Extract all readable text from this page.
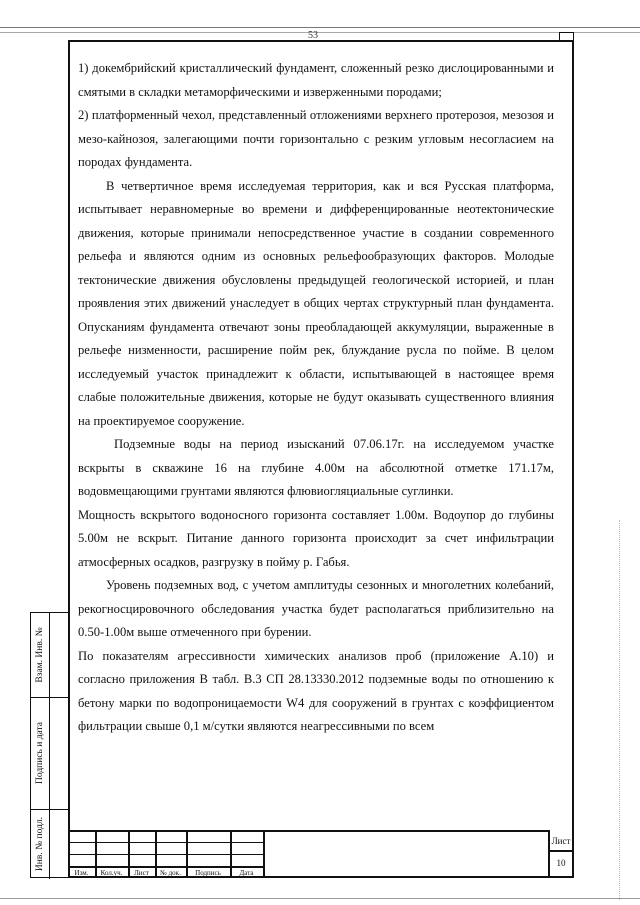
53

1) докембрийский кристаллический фундамент, сложенный резко дислоцированными и смятыми в складки метаморфическими и изверженными породами;

2) платформенный чехол, представленный отложениями верхнего протерозоя, мезозоя и мезо-кайнозоя, залегающими почти горизонтально с резким угловым несогласием на породах фундамента.

В четвертичное время исследуемая территория, как и вся Русская платформа, испытывает неравномерные во времени и дифференцированные неотектонические движения, которые принимали непосредственное участие в создании современного рельефа и являются одним из основных рельефообразующих факторов. Молодые тектонические движения обусловлены предыдущей геологической историей, и план проявления этих движений унаследует в общих чертах структурный план фундамента. Опусканиям фундамента отвечают зоны преобладающей аккумуляции, выраженные в рельефе низменности, расширение пойм рек, блуждание русла по пойме. В целом исследуемый участок принадлежит к области, испытывающей в настоящее время слабые положительные движения, которые не будут оказывать существенного влияния на проектируемое сооружение.

Подземные воды на период изысканий 07.06.17г. на исследуемом участке вскрыты в скважине 16 на глубине 4.00м на абсолютной отметке 171.17м, водовмещающими грунтами являются флювиогляциальные суглинки.

Мощность вскрытого водоносного горизонта составляет 1.00м. Водоупор до глубины 5.00м не вскрыт. Питание данного горизонта происходит за счет инфильтрации атмосферных осадков, разгрузку в пойму р. Габья.

Уровень подземных вод, с учетом амплитуды сезонных и многолетних колебаний, рекогносцировочного обследования участка будет располагаться приблизительно на 0.50-1.00м выше отмеченного при бурении.

По показателям агрессивности химических анализов проб (приложение А.10) и согласно приложения В табл. В.3 СП 28.13330.2012 подземные воды по отношению к бетону марки по водопроницаемости W4 для сооружений в грунтах с коэффициентом фильтрации свыше 0,1 м/сутки являются неагрессивными по всем

Взам. Инв. №
Подпись и дата
Инв. № подл.
Изм.	Кол.уч.	Лист	№ док.	Подпись	Дата
Лист
10
